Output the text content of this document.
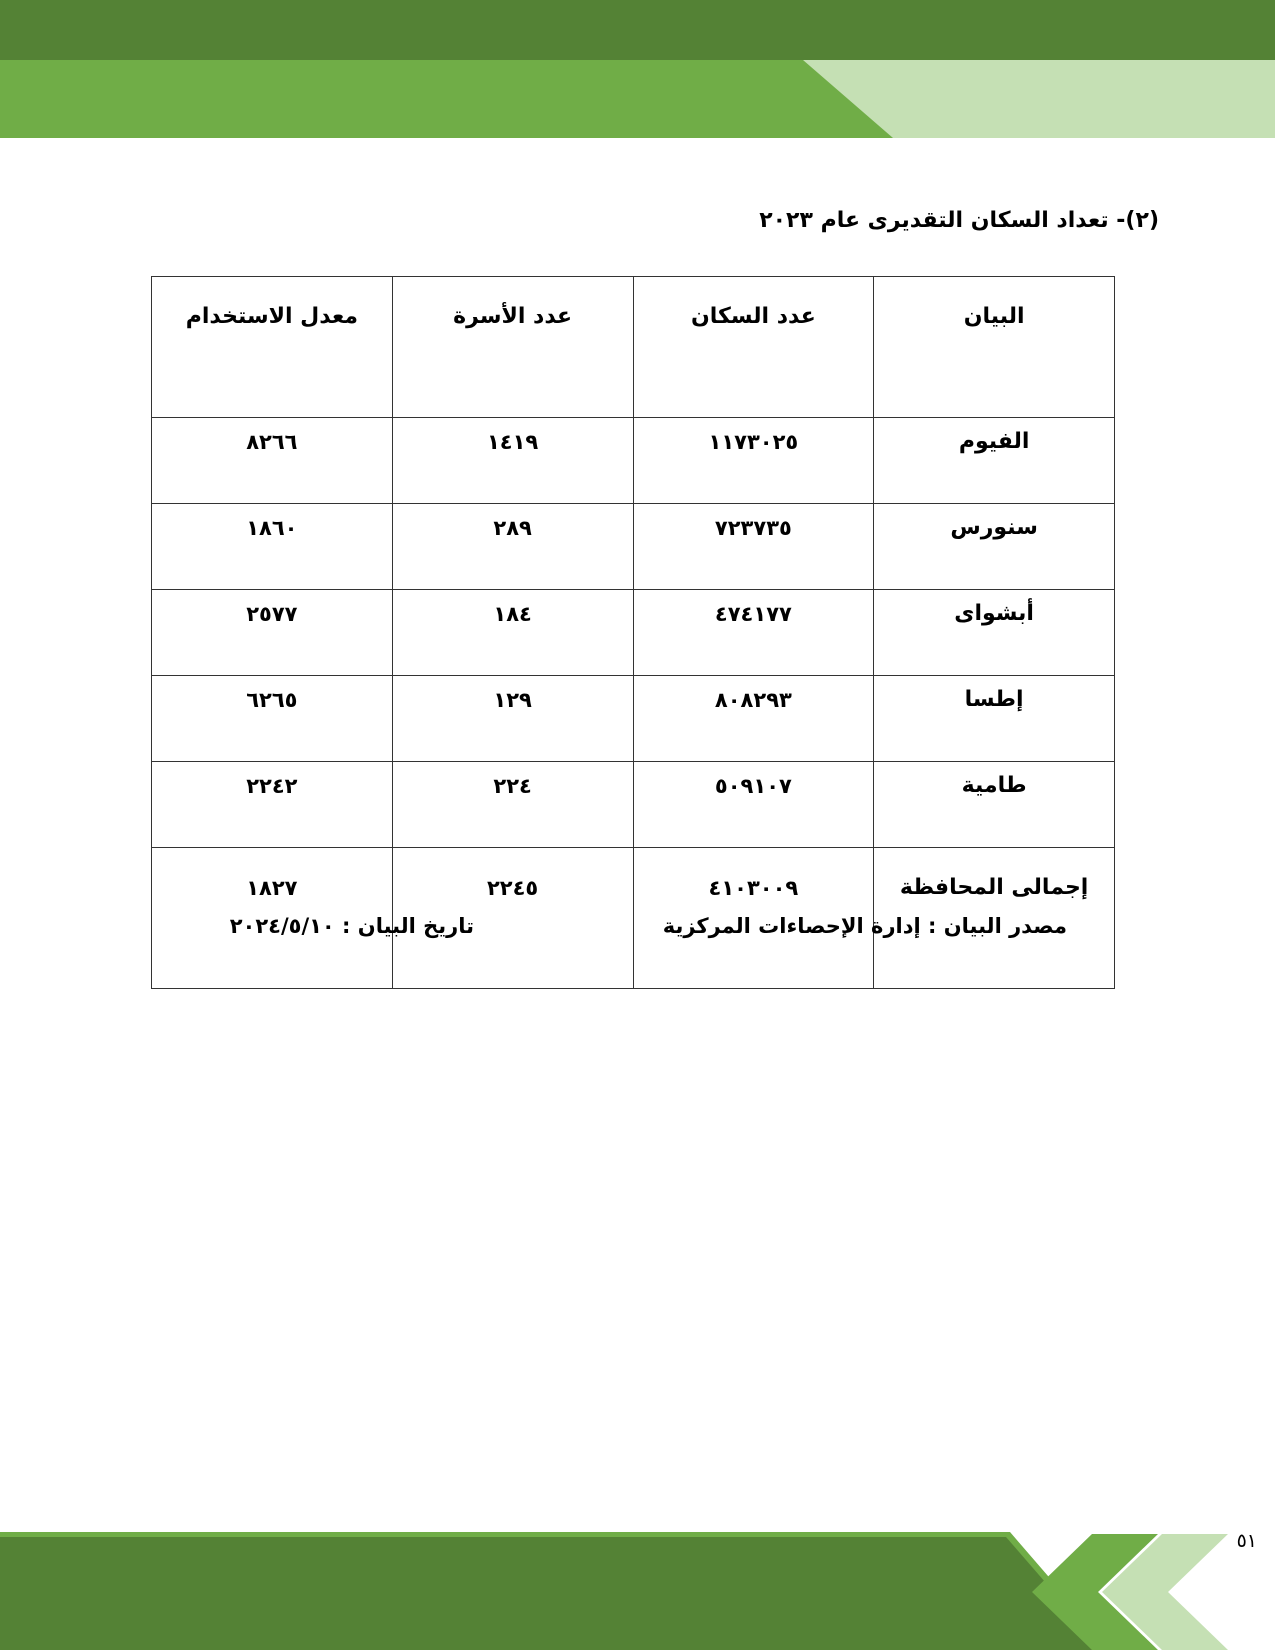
(٢)- تعداد السكان التقديرى عام ٢٠٢٣
البيان	عدد السكان	عدد الأسرة	معدل الاستخدام
الفيوم	١١٧٣٠٢٥	١٤١٩	٨٢٦٦
سنورس	٧٢٣٧٣٥	٢٨٩	١٨٦٠
أبشواى	٤٧٤١٧٧	١٨٤	٢٥٧٧
إطسا	٨٠٨٢٩٣	١٢٩	٦٢٦٥
طامية	٥٠٩١٠٧	٢٢٤	٢٢٤٢
إجمالى المحافظة	٤١٠٣٠٠٩	٢٢٤٥	١٨٢٧
مصدر البيان : إدارة الإحصاءات المركزية
تاريخ البيان : ٢٠٢٤/٥/١٠
٥١
